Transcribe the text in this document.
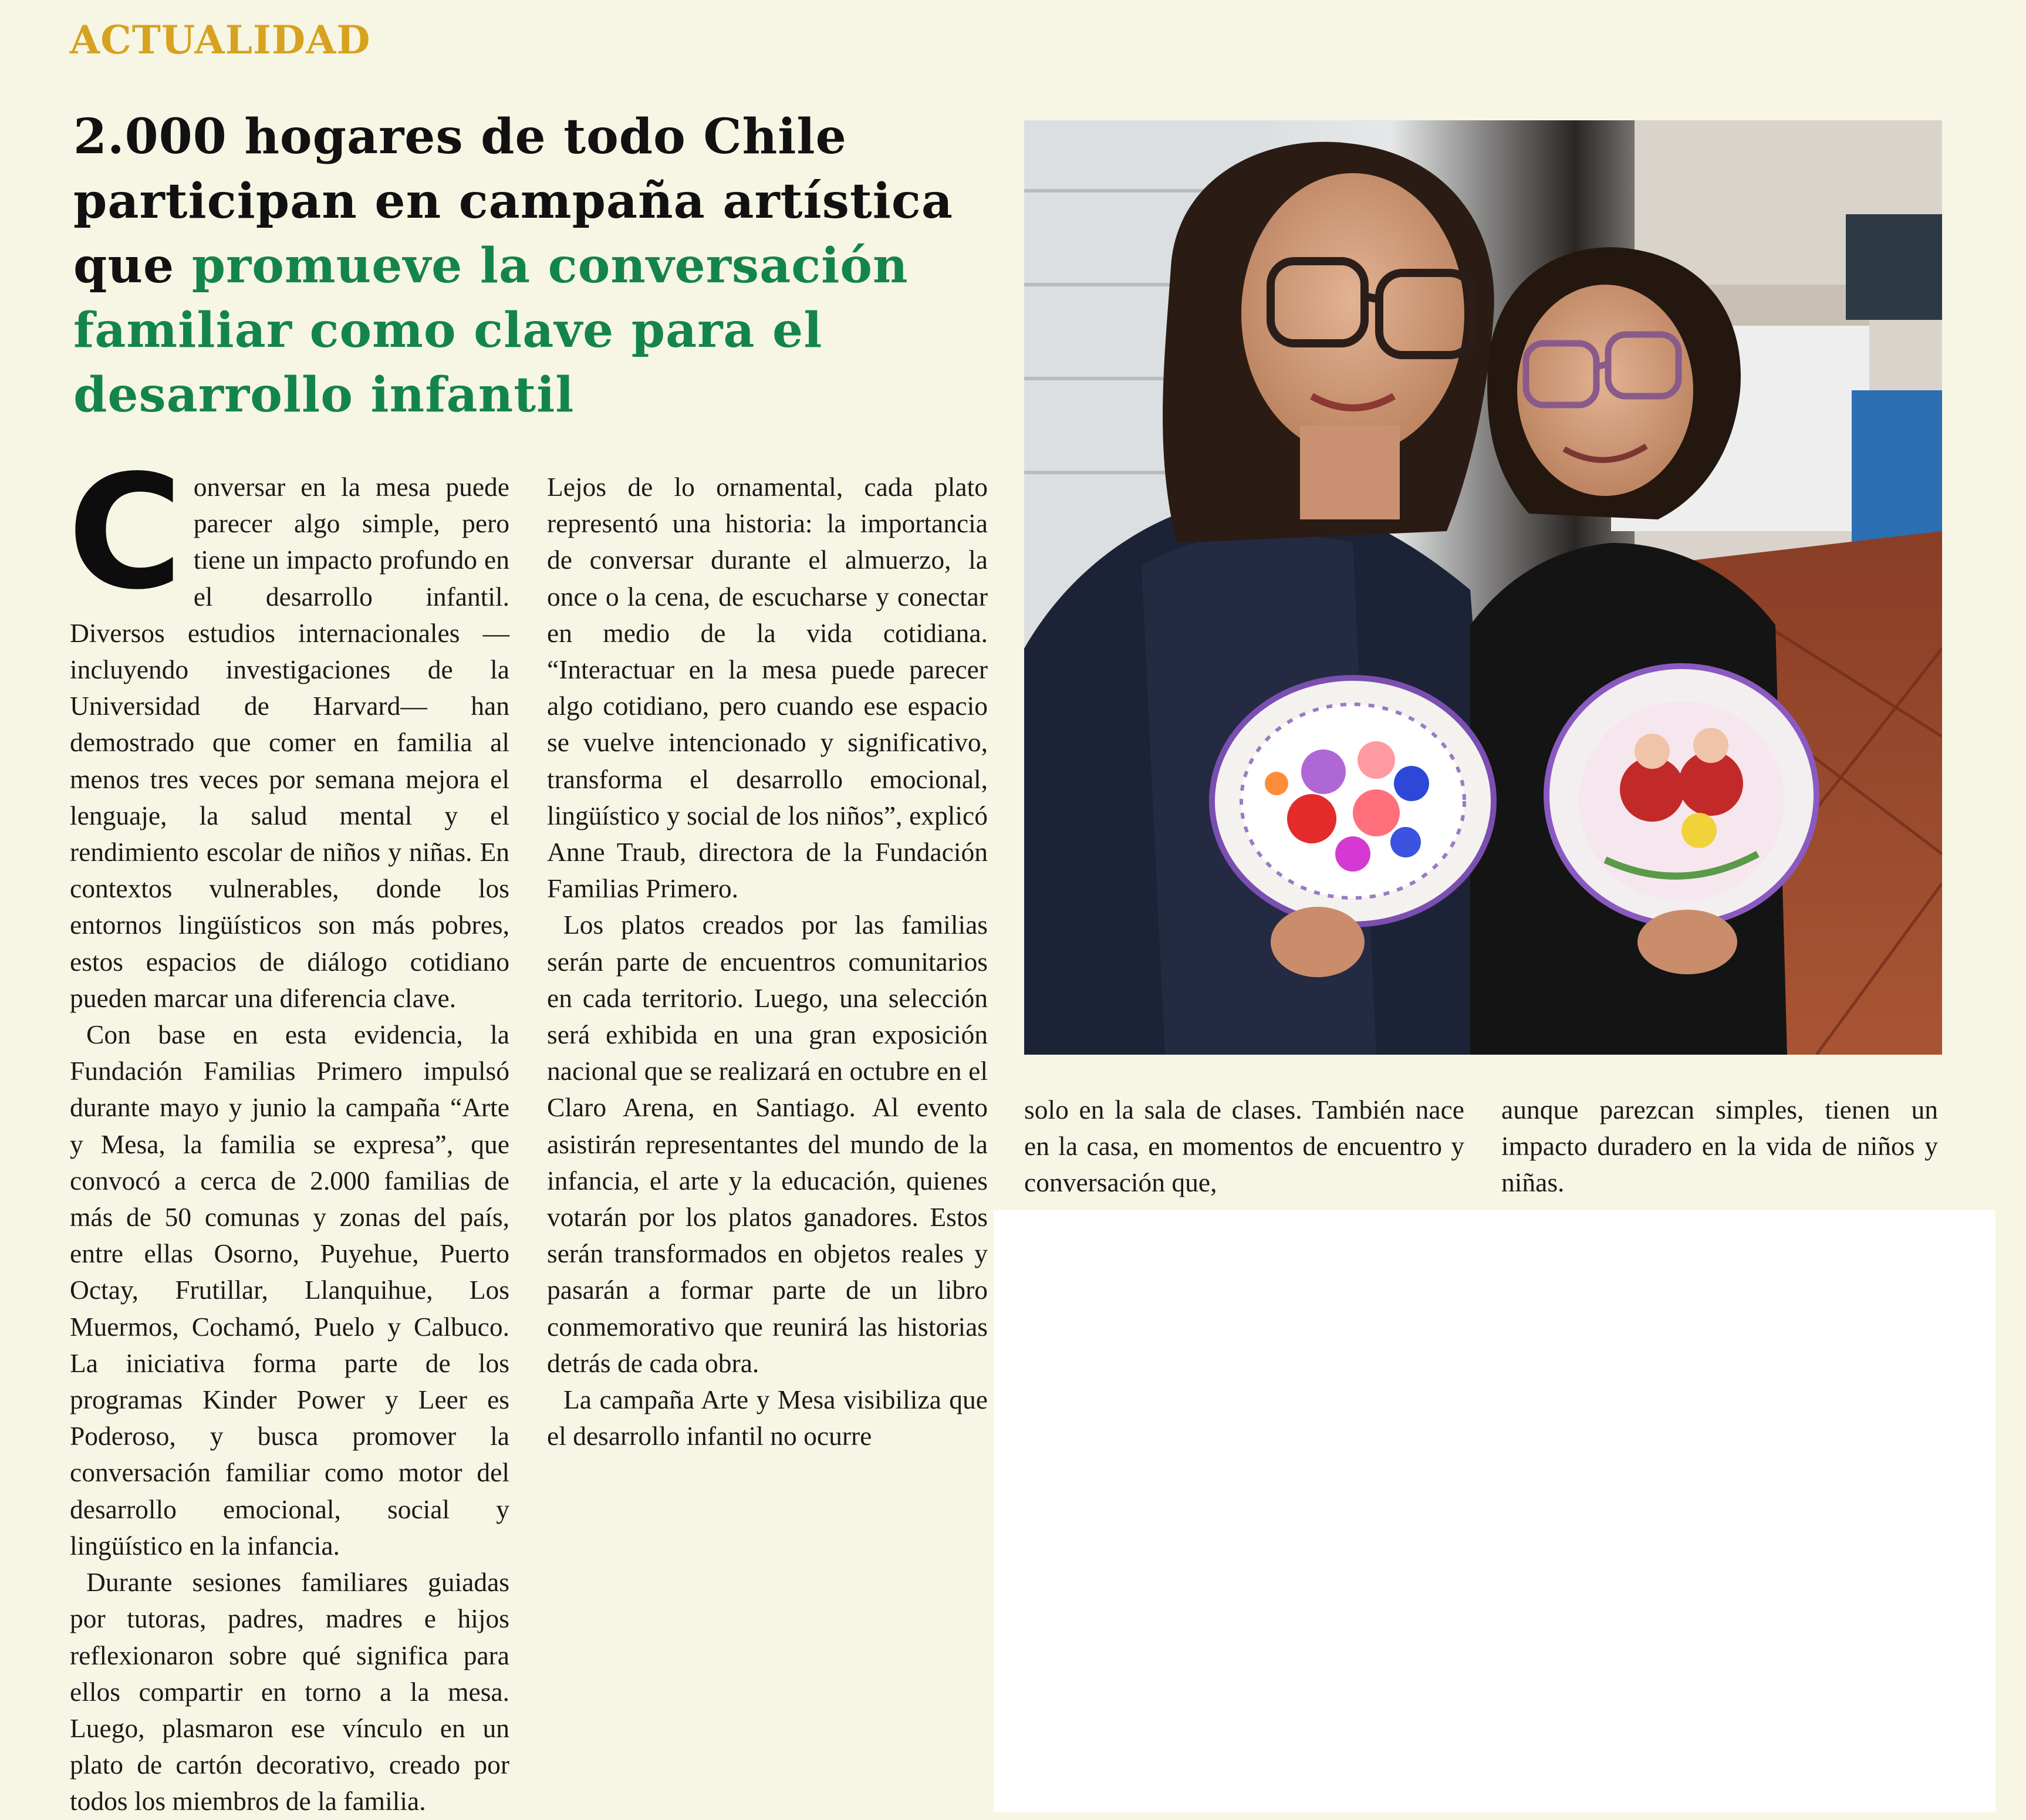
ACTUALIDAD
2.000 hogares de todo Chile participan en campaña artística que promueve la conversación familiar como clave para el desarrollo infantil

Conversar en la mesa puede parecer algo simple, pero tiene un impacto profundo en el desarrollo infantil. Diversos estudios internacionales —incluyendo investigaciones de la Universidad de Harvard— han demostrado que comer en familia al menos tres veces por semana mejora el lenguaje, la salud mental y el rendimiento escolar de niños y niñas. En contextos vulnerables, donde los entornos lingüísticos son más pobres, estos espacios de diálogo cotidiano pueden marcar una diferencia clave.

Con base en esta evidencia, la Fundación Familias Primero impulsó durante mayo y junio la campaña “Arte y Mesa, la familia se expresa”, que convocó a cerca de 2.000 familias de más de 50 comunas y zonas del país, entre ellas Osorno, Puyehue, Puerto Octay, Frutillar, Llanquihue, Los Muermos, Cochamó, Puelo y Calbuco. La iniciativa forma parte de los programas Kinder Power y Leer es Poderoso, y busca promover la conversación familiar como motor del desarrollo emocional, social y lingüístico en la infancia.

Durante sesiones familiares guiadas por tutoras, padres, madres e hijos reflexionaron sobre qué significa para ellos compartir en torno a la mesa. Luego, plasmaron ese vínculo en un plato de cartón decorativo, creado por todos los miembros de la familia.

Lejos de lo ornamental, cada plato representó una historia: la importancia de conversar durante el almuerzo, la once o la cena, de escucharse y conectar en medio de la vida cotidiana. “Interactuar en la mesa puede parecer algo cotidiano, pero cuando ese espacio se vuelve intencionado y significativo, transforma el desarrollo emocional, lingüístico y social de los niños”, explicó Anne Traub, directora de la Fundación Familias Primero.

Los platos creados por las familias serán parte de encuentros comunitarios en cada territorio. Luego, una selección será exhibida en una gran exposición nacional que se realizará en octubre en el Claro Arena, en Santiago. Al evento asistirán representantes del mundo de la infancia, el arte y la educación, quienes votarán por los platos ganadores. Estos serán transformados en objetos reales y pasarán a formar parte de un libro conmemorativo que reunirá las historias detrás de cada obra.

La campaña Arte y Mesa visibiliza que el desarrollo infantil no ocurre

solo en la sala de clases. También nace en la casa, en momentos de encuentro y conversación que,

aunque parezcan simples, tienen un impacto duradero en la vida de niños y niñas.
